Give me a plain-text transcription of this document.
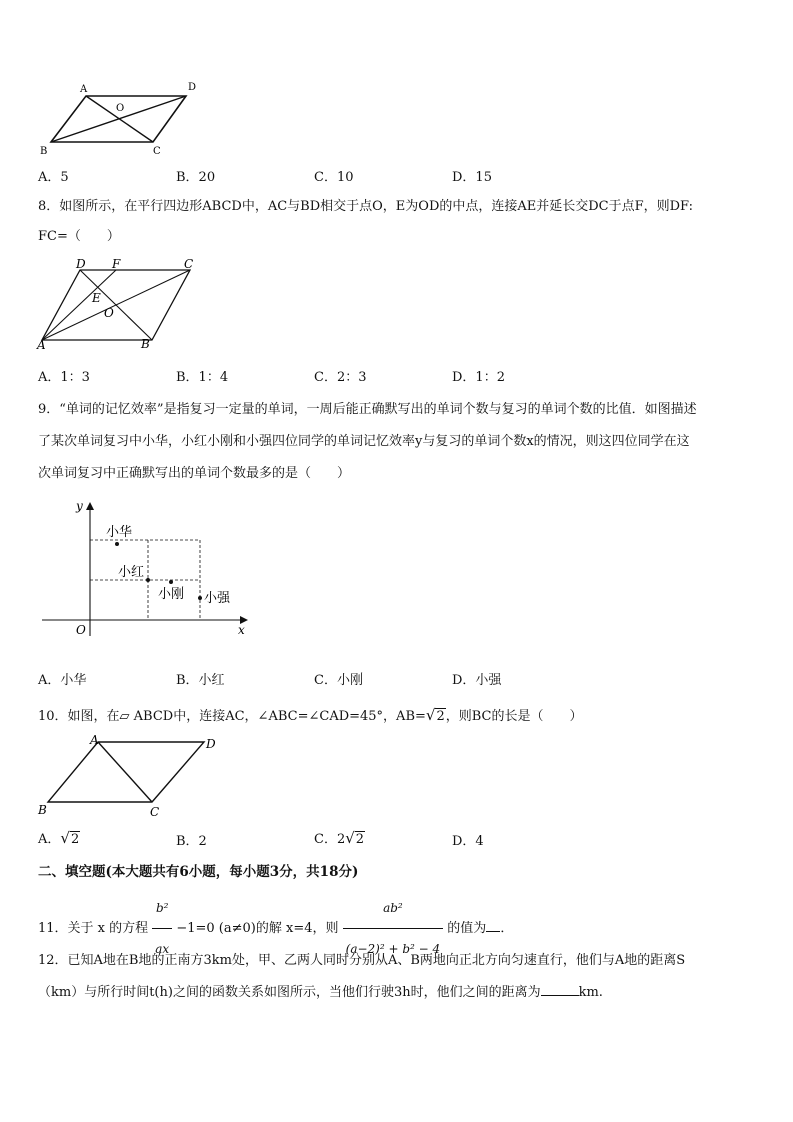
A	D
O
B	C
A．5	B．20	C．10	D．15
8．如图所示，在平行四边形ABCD中，AC与BD相交于点O，E为OD的中点，连接AE并延长交DC于点F，则DF:
FC=（　　）
D F	C
E
O
A	B
A．1：3	B．1：4	C．2：3	D．1：2
9．“单词的记忆效率”是指复习一定量的单词，一周后能正确默写出的单词个数与复习的单词个数的比值．如图描述
了某次单词复习中小华，小红小刚和小强四位同学的单词记忆效率y与复习的单词个数x的情况，则这四位同学在这
次单词复习中正确默写出的单词个数最多的是（　　）
y
x
O
小华
小红
小刚 小强
A．小华	B．小红	C．小刚	D．小强
10．如图，在▱ ABCD中，连接AC，∠ABC=∠CAD=45°，AB=√2，则BC的长是（　　）
A	D
B	C
A．√2	B．2	C．2√2	D．4
二、填空题(本大题共有6小题，每小题3分，共18分)
11．关于 x 的方程 $\frac{\text{b²}}{ax} -1=0$ (a≠0)的解 x=4，则 $\frac{\text{ab²}}{\text{(a−2)² + b² − 4}}$ 的值为 ．
12．已知A地在B地的正南方3km处，甲、乙两人同时分别从A、B两地向正北方向匀速直行，他们与A地的距离S
（km）与所行时间t(h)之间的函数关系如图所示，当他们行驶3h时，他们之间的距离为	km.
